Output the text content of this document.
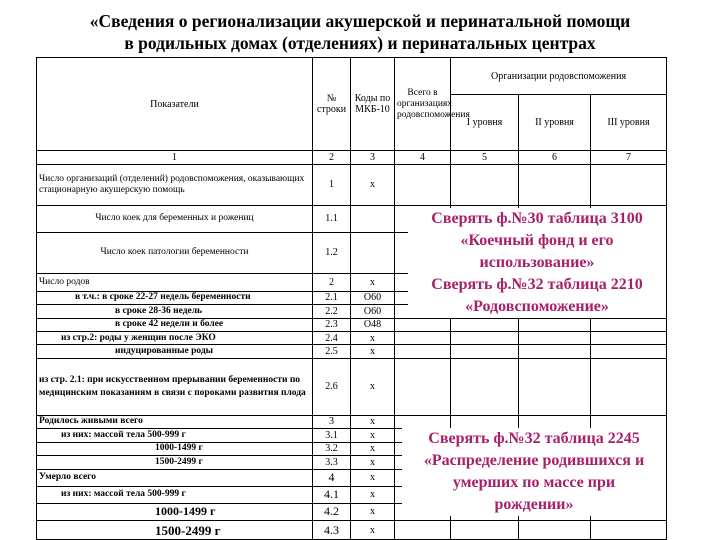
«Сведения о регионализации акушерской и перинатальной помощи
в родильных домах (отделениях) и перинатальных центрах
Показатели	№ строки	Коды по МКБ-10	Всего в организациях родовспоможения	Организации родовспоможения		
				I уровня	II уровня	III уровня
1	2	3	4	5	6	7
Число организаций (отделений) родовспоможения, оказывающих стационарную акушерскую помощь	1	х				
Число коек для беременных и рожениц	1.1					
Число коек патологии беременности	1.2					
Число родов	2	х				
в т.ч.: в сроке 22-27 недель беременности	2.1	О60				
в сроке 28-36 недель	2.2	О60				
в сроке 42 недели и более	2.3	О48				
из стр.2: роды у женщин после ЭКО	2.4	х				
индуцированные роды	2.5	х				
из стр. 2.1: при искусственном прерывании беременности по медицинским показаниям в связи с пороками развития плода	2.6	х				
Родилось живыми всего	3	х				
из них: массой тела 500-999 г	3.1	х				
1000-1499 г	3.2	х				
1500-2499 г	3.3	х				
Умерло всего	4	х				
из них: массой тела 500-999 г	4.1	х				
1000-1499 г	4.2	х				
1500-2499 г	4.3	х				
Сверять ф.№30 таблица 3100
«Коечный фонд и его
использование»
Сверять ф.№32 таблица 2210
«Родовспоможение»
Сверять ф.№32 таблица 2245
«Распределение родившихся и
умерших по массе при
рождении»
